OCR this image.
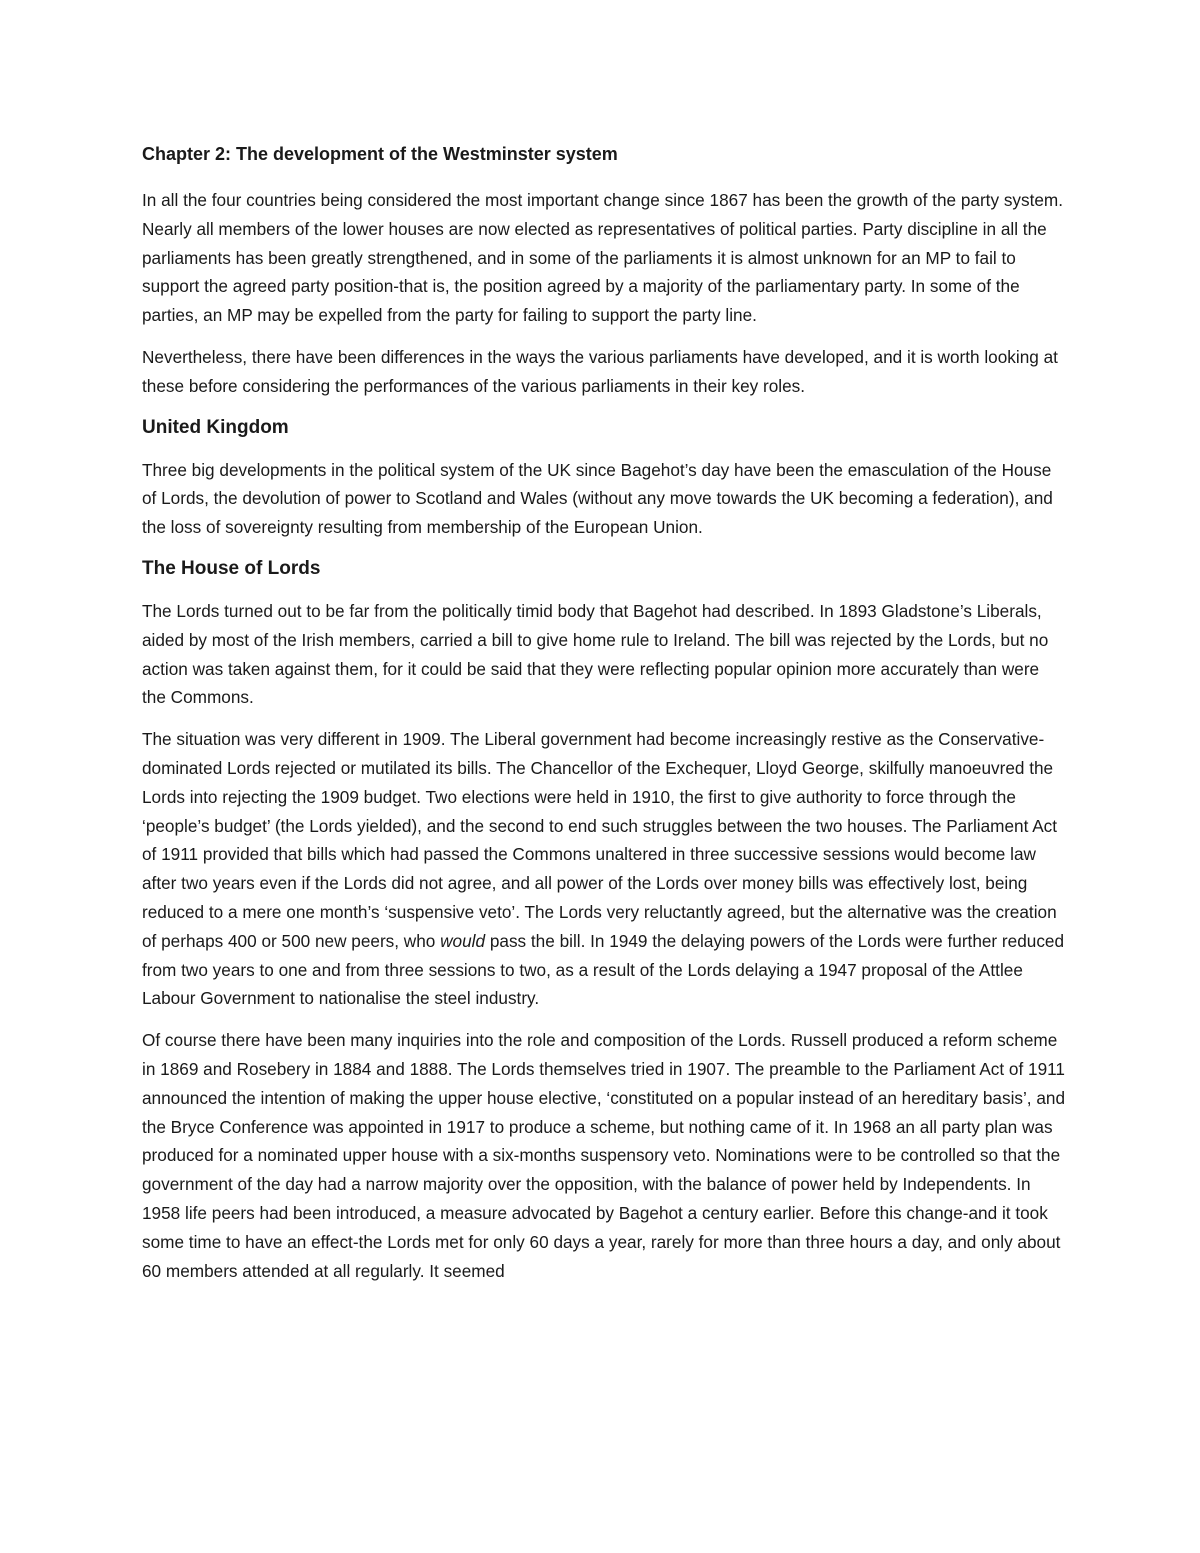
Chapter 2: The development of the Westminster system

In all the four countries being considered the most important change since 1867 has been the growth of the party system. Nearly all members of the lower houses are now elected as representatives of political parties. Party discipline in all the parliaments has been greatly strengthened, and in some of the parliaments it is almost unknown for an MP to fail to support the agreed party position-that is, the position agreed by a majority of the parliamentary party. In some of the parties, an MP may be expelled from the party for failing to support the party line.

Nevertheless, there have been differences in the ways the various parliaments have developed, and it is worth looking at these before considering the performances of the various parliaments in their key roles.

United Kingdom

Three big developments in the political system of the UK since Bagehot’s day have been the emasculation of the House of Lords, the devolution of power to Scotland and Wales (without any move towards the UK becoming a federation), and the loss of sovereignty resulting from membership of the European Union.

The House of Lords

The Lords turned out to be far from the politically timid body that Bagehot had described. In 1893 Gladstone’s Liberals, aided by most of the Irish members, carried a bill to give home rule to Ireland. The bill was rejected by the Lords, but no action was taken against them, for it could be said that they were reflecting popular opinion more accurately than were the Commons.

The situation was very different in 1909. The Liberal government had become increasingly restive as the Conservative-dominated Lords rejected or mutilated its bills. The Chancellor of the Exchequer, Lloyd George, skilfully manoeuvred the Lords into rejecting the 1909 budget. Two elections were held in 1910, the first to give authority to force through the ‘people’s budget’ (the Lords yielded), and the second to end such struggles between the two houses. The Parliament Act of 1911 provided that bills which had passed the Commons unaltered in three successive sessions would become law after two years even if the Lords did not agree, and all power of the Lords over money bills was effectively lost, being reduced to a mere one month’s ‘suspensive veto’. The Lords very reluctantly agreed, but the alternative was the creation of perhaps 400 or 500 new peers, who would pass the bill. In 1949 the delaying powers of the Lords were further reduced from two years to one and from three sessions to two, as a result of the Lords delaying a 1947 proposal of the Attlee Labour Government to nationalise the steel industry.

Of course there have been many inquiries into the role and composition of the Lords. Russell produced a reform scheme in 1869 and Rosebery in 1884 and 1888. The Lords themselves tried in 1907. The preamble to the Parliament Act of 1911 announced the intention of making the upper house elective, ‘constituted on a popular instead of an hereditary basis’, and the Bryce Conference was appointed in 1917 to produce a scheme, but nothing came of it. In 1968 an all party plan was produced for a nominated upper house with a six-months suspensory veto. Nominations were to be controlled so that the government of the day had a narrow majority over the opposition, with the balance of power held by Independents. In 1958 life peers had been introduced, a measure advocated by Bagehot a century earlier. Before this change-and it took some time to have an effect-the Lords met for only 60 days a year, rarely for more than three hours a day, and only about 60 members attended at all regularly. It seemed
